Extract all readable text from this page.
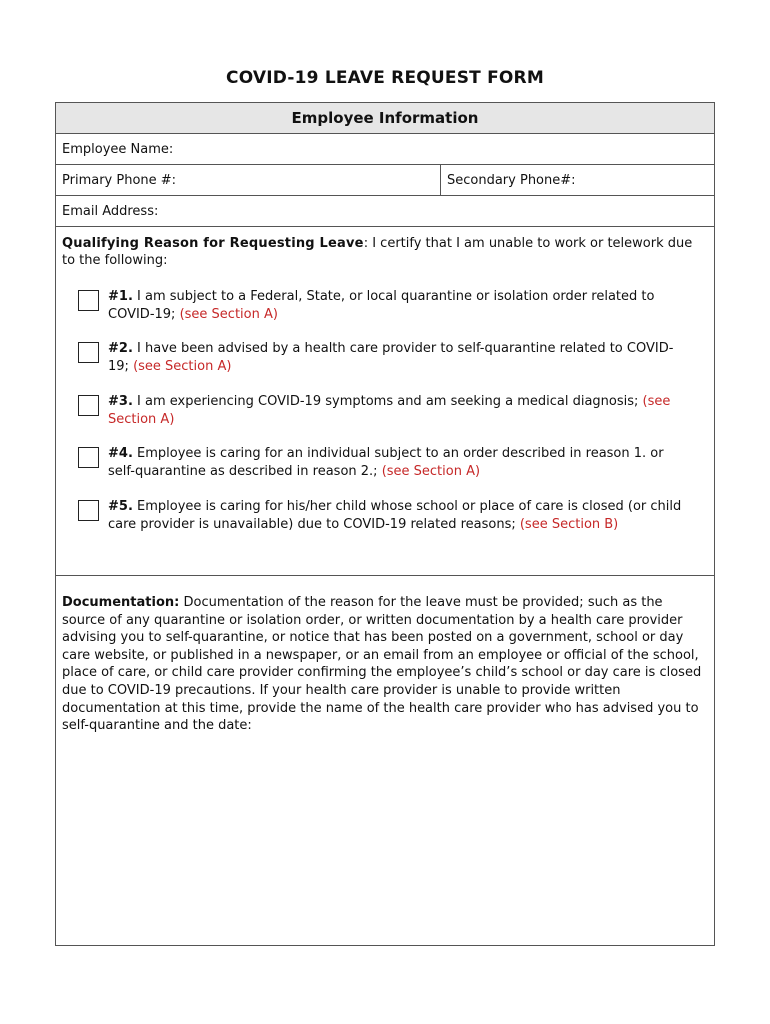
COVID-19 LEAVE REQUEST FORM
Employee Information
Employee Name:
Primary Phone #:	Secondary Phone#:
Email Address:
Qualifying Reason for Requesting Leave: I certify that I am unable to work or telework due to the following:
#1. I am subject to a Federal, State, or local quarantine or isolation order related to COVID-19; (see Section A)
#2. I have been advised by a health care provider to self-quarantine related to COVID-19; (see Section A)
#3. I am experiencing COVID-19 symptoms and am seeking a medical diagnosis; (see Section A)
#4. Employee is caring for an individual subject to an order described in reason 1. or self-quarantine as described in reason 2.; (see Section A)
#5. Employee is caring for his/her child whose school or place of care is closed (or child care provider is unavailable) due to COVID-19 related reasons; (see Section B)
Documentation: Documentation of the reason for the leave must be provided; such as the source of any quarantine or isolation order, or written documentation by a health care provider advising you to self-quarantine, or notice that has been posted on a government, school or day care website, or published in a newspaper, or an email from an employee or official of the school, place of care, or child care provider confirming the employee’s child’s school or day care is closed due to COVID-19 precautions. If your health care provider is unable to provide written documentation at this time, provide the name of the health care provider who has advised you to self-quarantine and the date:
